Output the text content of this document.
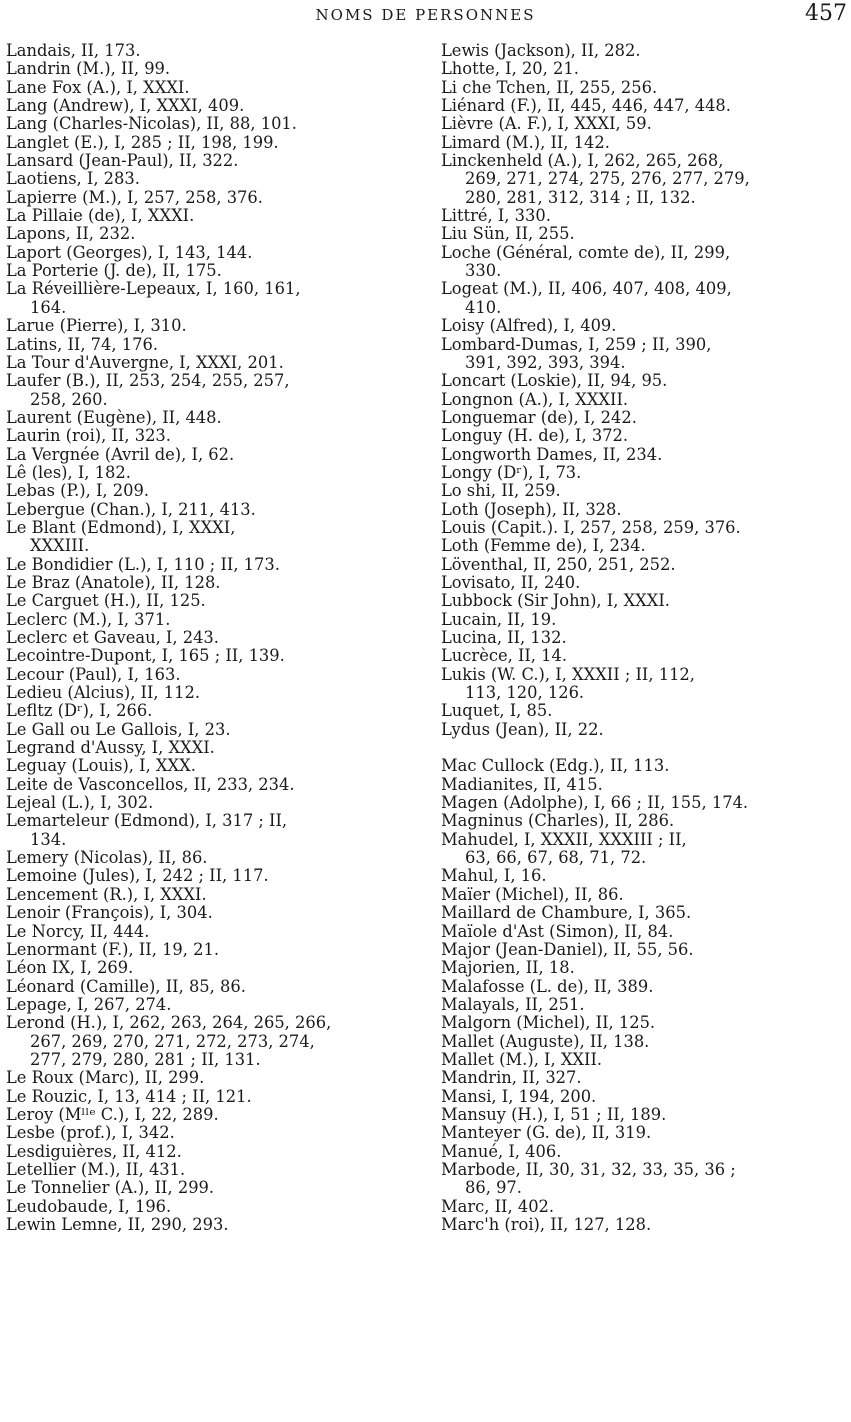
NOMS DE PERSONNES	457
Landais, II, 173.
Landrin (M.), II, 99.
Lane Fox (A.), I, XXXI.
Lang (Andrew), I, XXXI, 409.
Lang (Charles-Nicolas), II, 88, 101.
Langlet (E.), I, 285 ; II, 198, 199.
Lansard (Jean-Paul), II, 322.
Laotiens, I, 283.
Lapierre (M.), I, 257, 258, 376.
La Pillaie (de), I, XXXI.
Lapons, II, 232.
Laport (Georges), I, 143, 144.
La Porterie (J. de), II, 175.
La Réveillière-Lepeaux, I, 160, 161,
164.
Larue (Pierre), I, 310.
Latins, II, 74, 176.
La Tour d'Auvergne, I, XXXI, 201.
Laufer (B.), II, 253, 254, 255, 257,
258, 260.
Laurent (Eugène), II, 448.
Laurin (roi), II, 323.
La Vergnée (Avril de), I, 62.
Lê (les), I, 182.
Lebas (P.), I, 209.
Lebergue (Chan.), I, 211, 413.
Le Blant (Edmond), I, XXXI,
XXXIII.
Le Bondidier (L.), I, 110 ; II, 173.
Le Braz (Anatole), II, 128.
Le Carguet (H.), II, 125.
Leclerc (M.), I, 371.
Leclerc et Gaveau, I, 243.
Lecointre-Dupont, I, 165 ; II, 139.
Lecour (Paul), I, 163.
Ledieu (Alcius), II, 112.
Lefltz (Dʳ), I, 266.
Le Gall ou Le Gallois, I, 23.
Legrand d'Aussy, I, XXXI.
Leguay (Louis), I, XXX.
Leite de Vasconcellos, II, 233, 234.
Lejeal (L.), I, 302.
Lemarteleur (Edmond), I, 317 ; II,
134.
Lemery (Nicolas), II, 86.
Lemoine (Jules), I, 242 ; II, 117.
Lencement (R.), I, XXXI.
Lenoir (François), I, 304.
Le Norcy, II, 444.
Lenormant (F.), II, 19, 21.
Léon IX, I, 269.
Léonard (Camille), II, 85, 86.
Lepage, I, 267, 274.
Lerond (H.), I, 262, 263, 264, 265, 266,
267, 269, 270, 271, 272, 273, 274,
277, 279, 280, 281 ; II, 131.
Le Roux (Marc), II, 299.
Le Rouzic, I, 13, 414 ; II, 121.
Leroy (Mˡˡᵉ C.), I, 22, 289.
Lesbe (prof.), I, 342.
Lesdiguières, II, 412.
Letellier (M.), II, 431.
Le Tonnelier (A.), II, 299.
Leudobaude, I, 196.
Lewin Lemne, II, 290, 293.
Lewis (Jackson), II, 282.
Lhotte, I, 20, 21.
Li che Tchen, II, 255, 256.
Liénard (F.), II, 445, 446, 447, 448.
Lièvre (A. F.), I, XXXI, 59.
Limard (M.), II, 142.
Linckenheld (A.), I, 262, 265, 268,
269, 271, 274, 275, 276, 277, 279,
280, 281, 312, 314 ; II, 132.
Littré, I, 330.
Liu Sün, II, 255.
Loche (Général, comte de), II, 299,
330.
Logeat (M.), II, 406, 407, 408, 409,
410.
Loisy (Alfred), I, 409.
Lombard-Dumas, I, 259 ; II, 390,
391, 392, 393, 394.
Loncart (Loskie), II, 94, 95.
Longnon (A.), I, XXXII.
Longuemar (de), I, 242.
Longuy (H. de), I, 372.
Longworth Dames, II, 234.
Longy (Dʳ), I, 73.
Lo shi, II, 259.
Loth (Joseph), II, 328.
Louis (Capit.). I, 257, 258, 259, 376.
Loth (Femme de), I, 234.
Löventhal, II, 250, 251, 252.
Lovisato, II, 240.
Lubbock (Sir John), I, XXXI.
Lucain, II, 19.
Lucina, II, 132.
Lucrèce, II, 14.
Lukis (W. C.), I, XXXII ; II, 112,
113, 120, 126.
Luquet, I, 85.
Lydus (Jean), II, 22.
Mac Cullock (Edg.), II, 113.
Madianites, II, 415.
Magen (Adolphe), I, 66 ; II, 155, 174.
Magninus (Charles), II, 286.
Mahudel, I, XXXII, XXXIII ; II,
63, 66, 67, 68, 71, 72.
Mahul, I, 16.
Maïer (Michel), II, 86.
Maillard de Chambure, I, 365.
Maïole d'Ast (Simon), II, 84.
Major (Jean-Daniel), II, 55, 56.
Majorien, II, 18.
Malafosse (L. de), II, 389.
Malayals, II, 251.
Malgorn (Michel), II, 125.
Mallet (Auguste), II, 138.
Mallet (M.), I, XXII.
Mandrin, II, 327.
Mansi, I, 194, 200.
Mansuy (H.), I, 51 ; II, 189.
Manteyer (G. de), II, 319.
Manué, I, 406.
Marbode, II, 30, 31, 32, 33, 35, 36 ;
86, 97.
Marc, II, 402.
Marc'h (roi), II, 127, 128.
